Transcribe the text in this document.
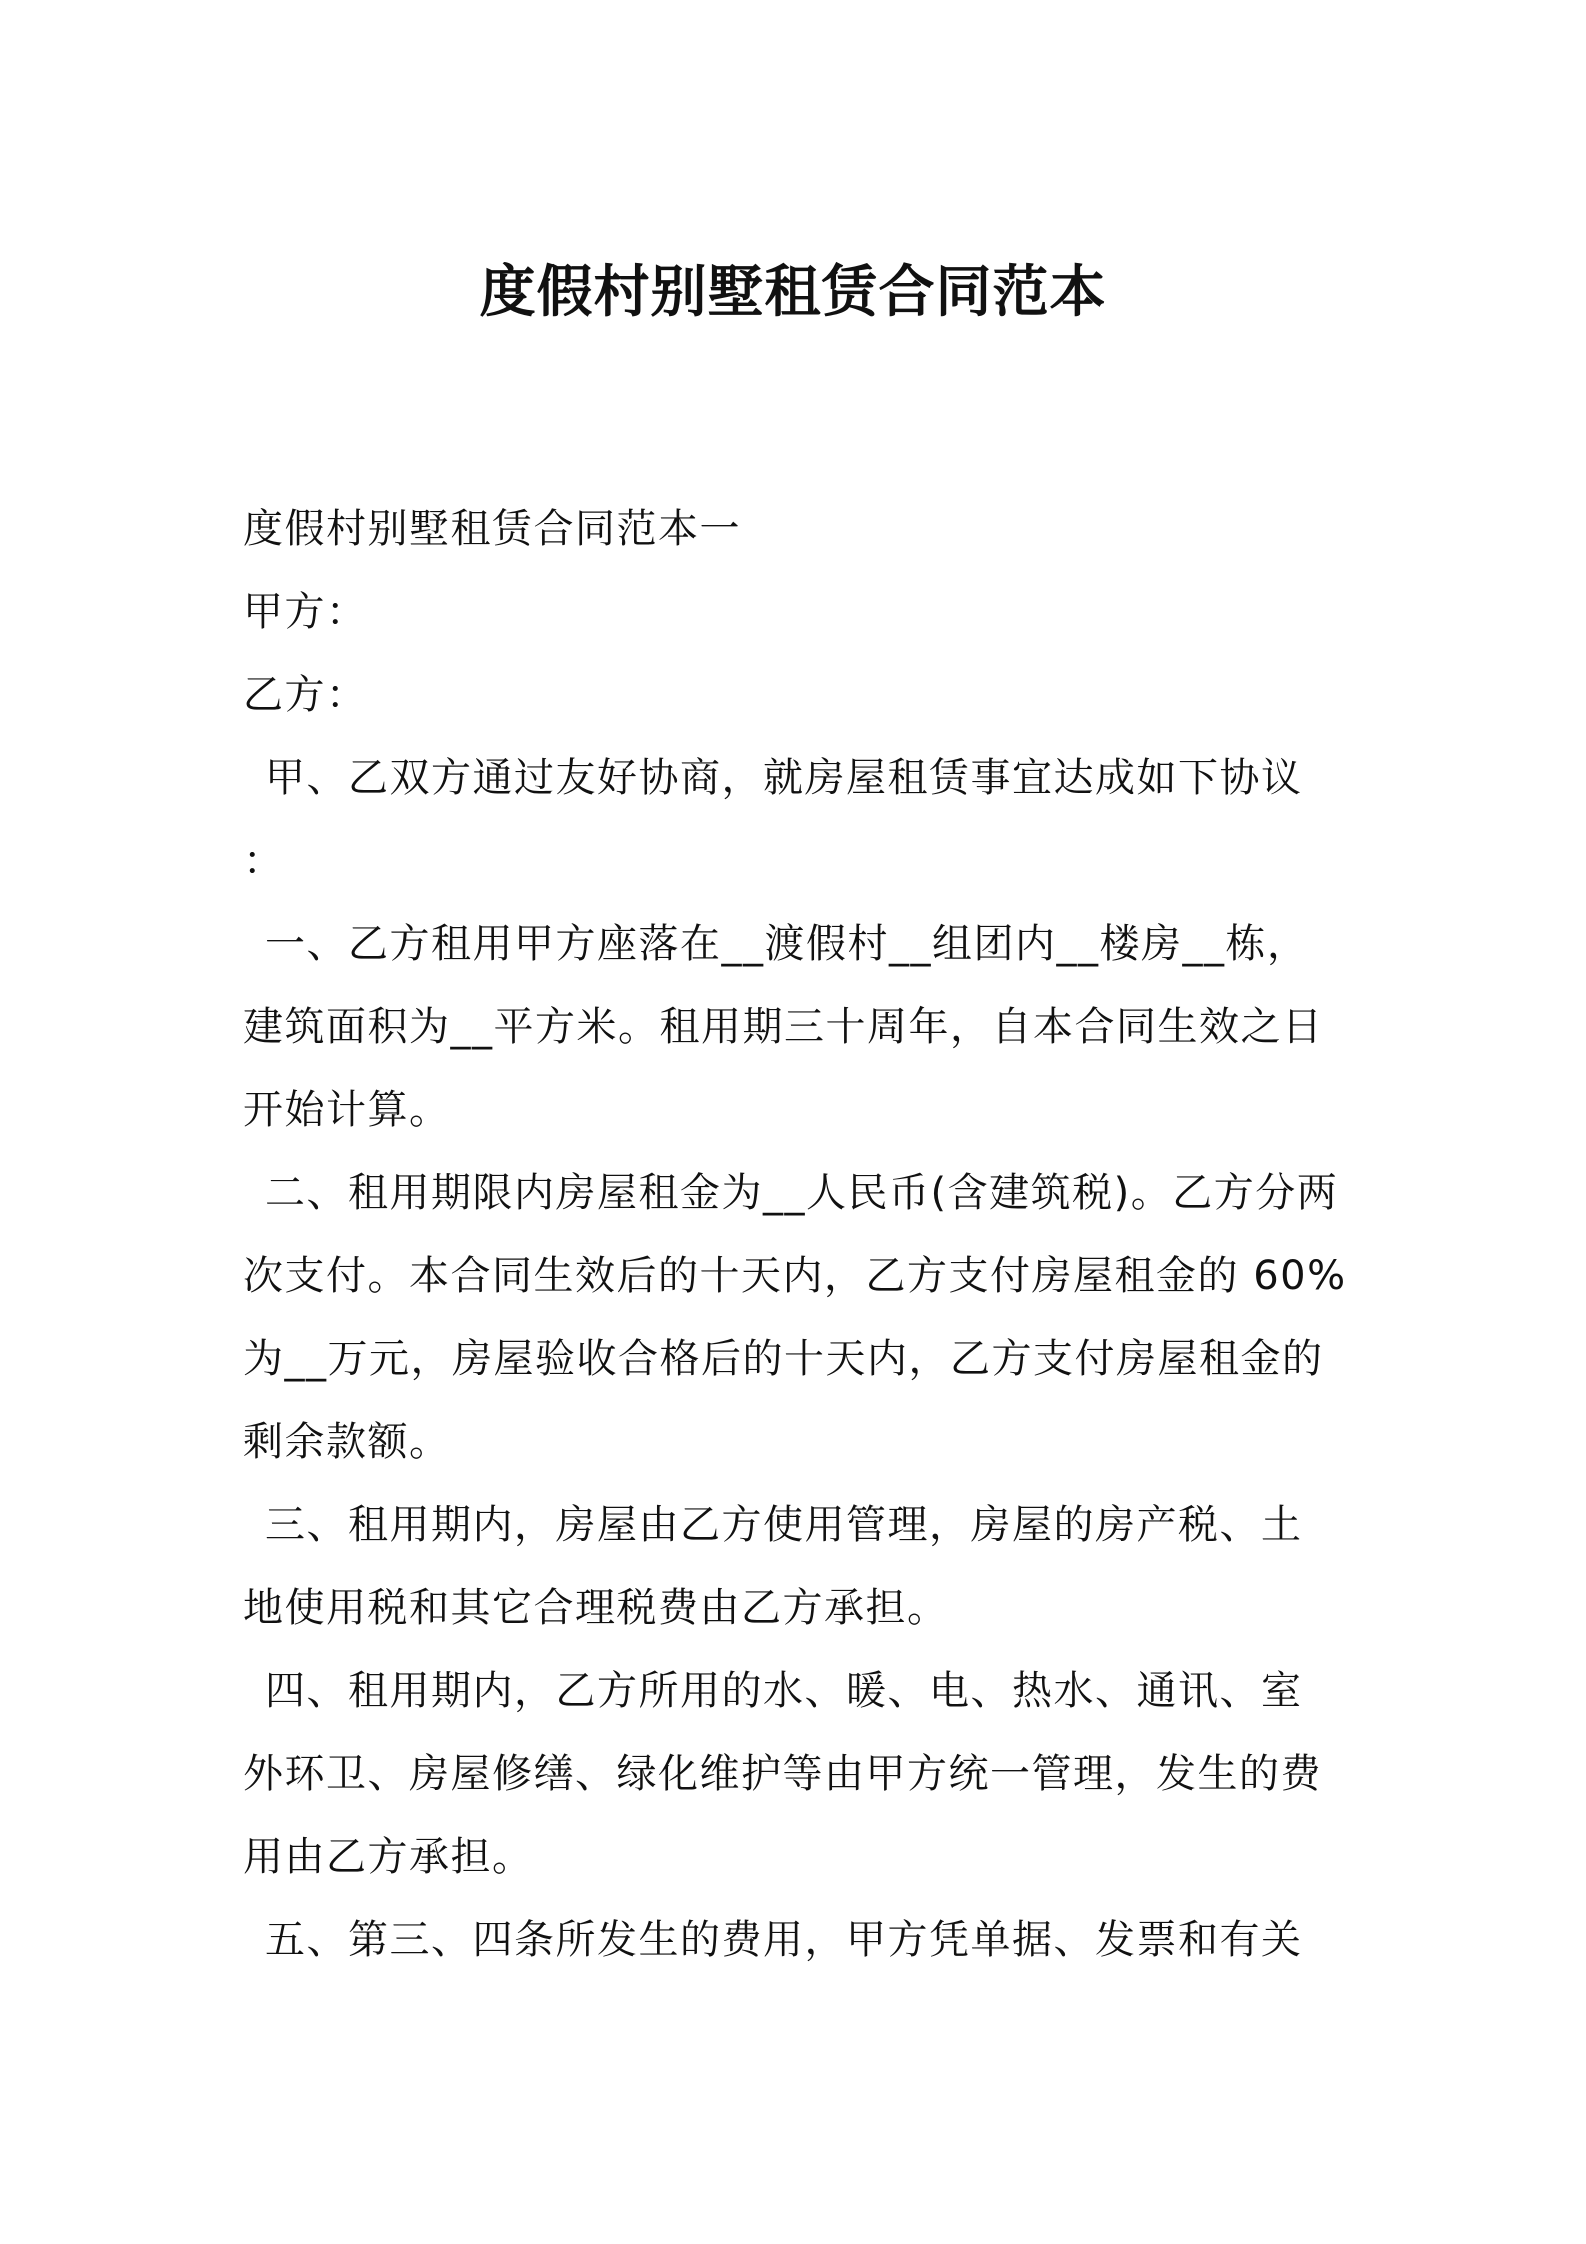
度假村别墅租赁合同范本
度假村别墅租赁合同范本一
甲方：
乙方：
甲、乙双方通过友好协商，就房屋租赁事宜达成如下协议
：
一、乙方租用甲方座落在__渡假村__组团内__楼房__栋，
建筑面积为__平方米。租用期三十周年，自本合同生效之日
开始计算。
二、租用期限内房屋租金为__人民币(含建筑税)。乙方分两
次支付。本合同生效后的十天内，乙方支付房屋租金的 60%
为__万元，房屋验收合格后的十天内，乙方支付房屋租金的
剩余款额。
三、租用期内，房屋由乙方使用管理，房屋的房产税、土
地使用税和其它合理税费由乙方承担。
四、租用期内，乙方所用的水、暖、电、热水、通讯、室
外环卫、房屋修缮、绿化维护等由甲方统一管理，发生的费
用由乙方承担。
五、第三、四条所发生的费用，甲方凭单据、发票和有关
